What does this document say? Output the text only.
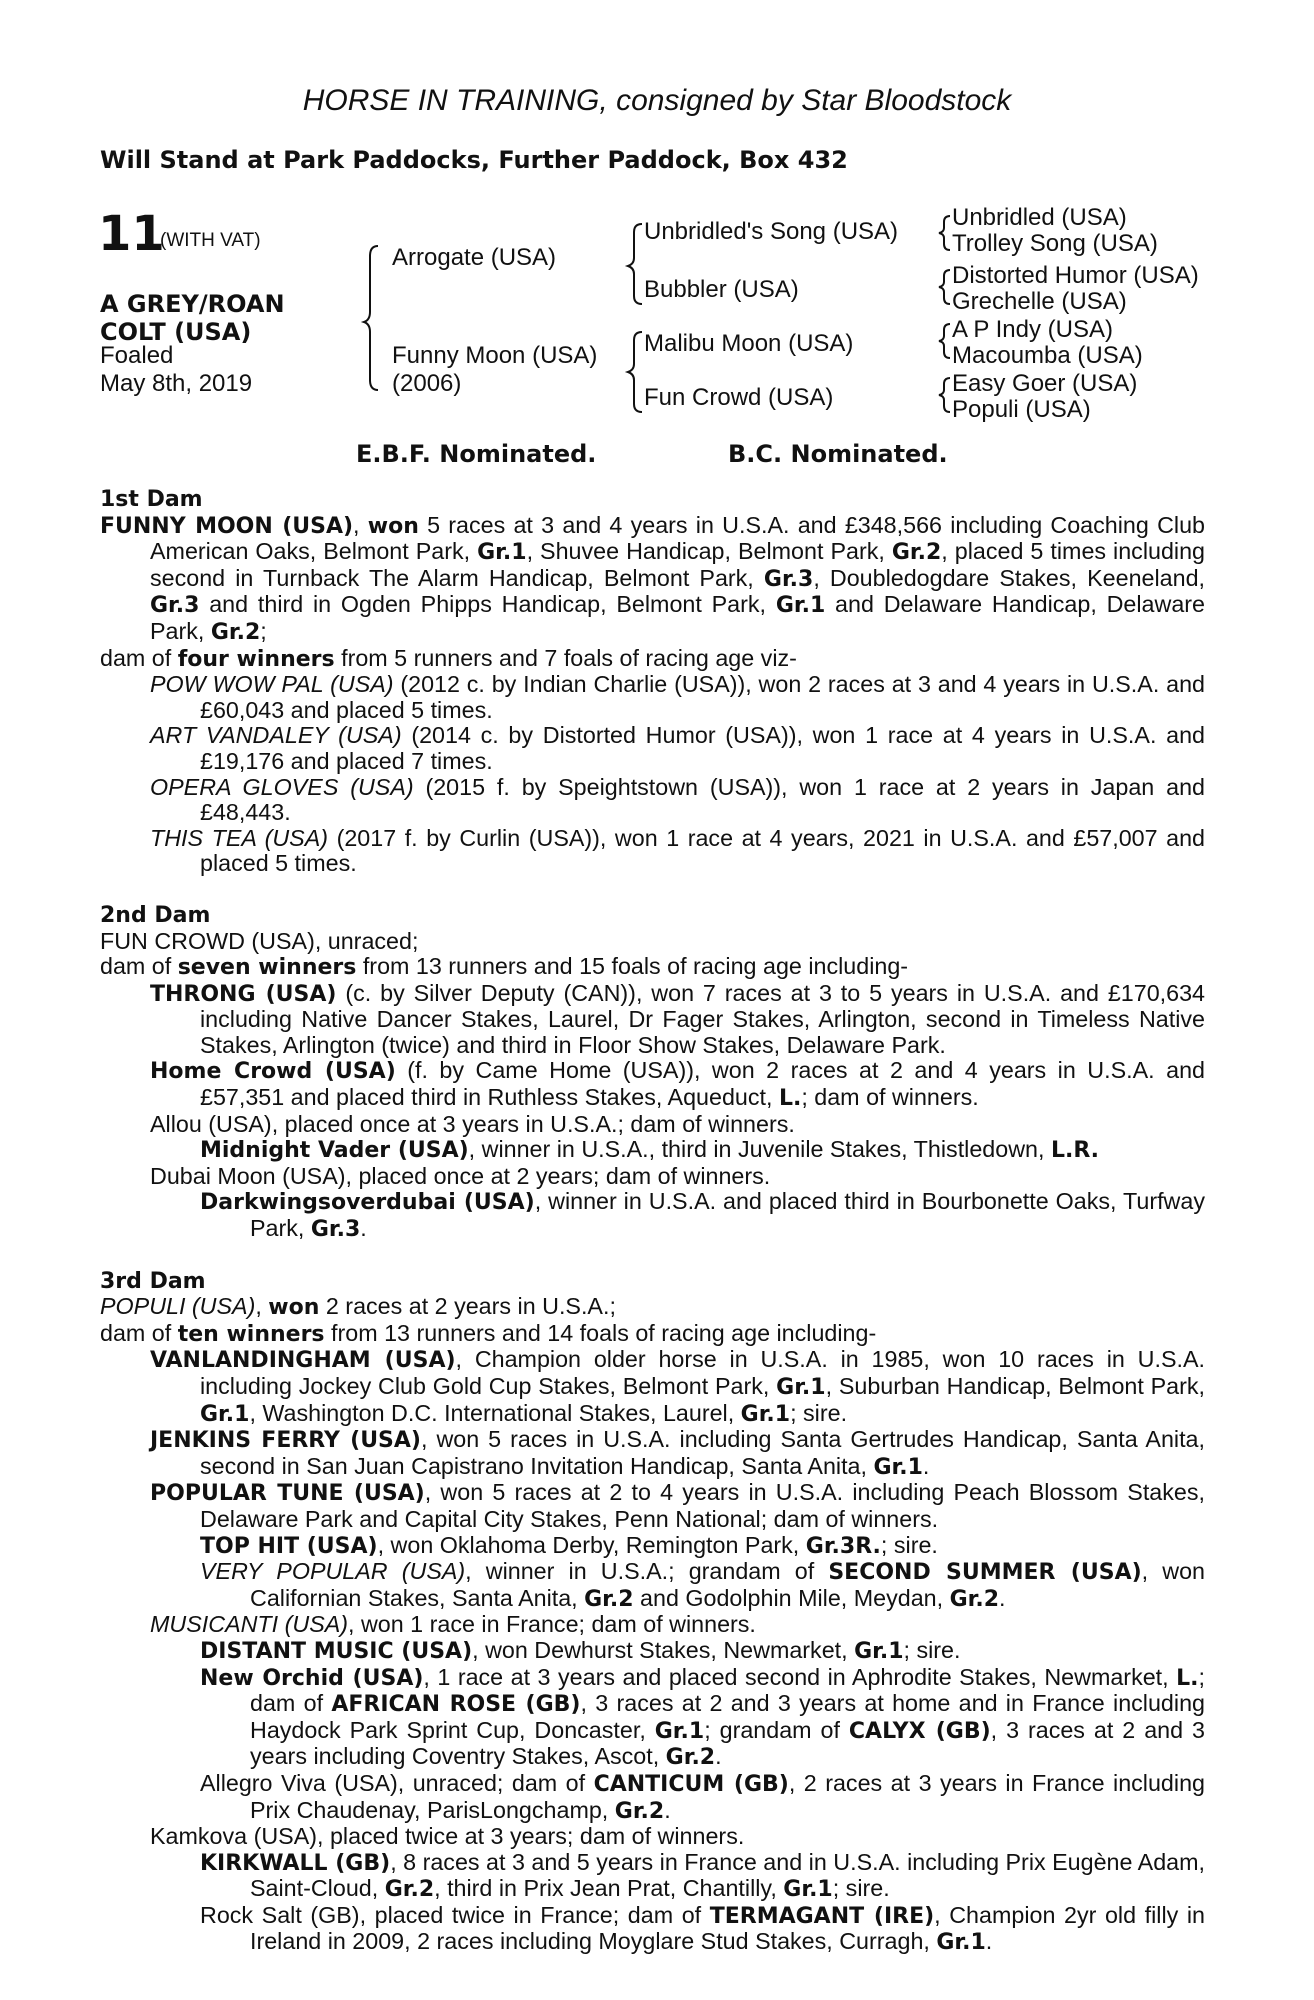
HORSE IN TRAINING, consigned by Star Bloodstock
Will Stand at Park Paddocks, Further Paddock, Box 432
11
(WITH VAT)
A GREY/ROAN
COLT (USA)
Foaled
May 8th, 2019
Arrogate (USA)
Funny Moon (USA)
(2006)
Unbridled's Song (USA)
Bubbler (USA)
Malibu Moon (USA)
Fun Crowd (USA)
Unbridled (USA)
Trolley Song (USA)
Distorted Humor (USA)
Grechelle (USA)
A P Indy (USA)
Macoumba (USA)
Easy Goer (USA)
Populi (USA)
E.B.F. Nominated.	B.C. Nominated.

1st Dam

FUNNY MOON (USA), won 5 races at 3 and 4 years in U.S.A. and £348,566 including Coaching Club American Oaks, Belmont Park, Gr.1, Shuvee Handicap, Belmont Park, Gr.2, placed 5 times including second in Turnback The Alarm Handicap, Belmont Park, Gr.3, Doubledogdare Stakes, Keeneland, Gr.3 and third in Ogden Phipps Handicap, Belmont Park, Gr.1 and Delaware Handicap, Delaware Park, Gr.2;

dam of four winners from 5 runners and 7 foals of racing age viz-

POW WOW PAL (USA) (2012 c. by Indian Charlie (USA)), won 2 races at 3 and 4 years in U.S.A. and £60,043 and placed 5 times.

ART VANDALEY (USA) (2014 c. by Distorted Humor (USA)), won 1 race at 4 years in U.S.A. and £19,176 and placed 7 times.

OPERA GLOVES (USA) (2015 f. by Speightstown (USA)), won 1 race at 2 years in Japan and £48,443.

THIS TEA (USA) (2017 f. by Curlin (USA)), won 1 race at 4 years, 2021 in U.S.A. and £57,007 and placed 5 times.

2nd Dam

FUN CROWD (USA), unraced;

dam of seven winners from 13 runners and 15 foals of racing age including-

THRONG (USA) (c. by Silver Deputy (CAN)), won 7 races at 3 to 5 years in U.S.A. and £170,634 including Native Dancer Stakes, Laurel, Dr Fager Stakes, Arlington, second in Timeless Native Stakes, Arlington (twice) and third in Floor Show Stakes, Delaware Park.

Home Crowd (USA) (f. by Came Home (USA)), won 2 races at 2 and 4 years in U.S.A. and £57,351 and placed third in Ruthless Stakes, Aqueduct, L.; dam of winners.

Allou (USA), placed once at 3 years in U.S.A.; dam of winners.

Midnight Vader (USA), winner in U.S.A., third in Juvenile Stakes, Thistledown, L.R.

Dubai Moon (USA), placed once at 2 years; dam of winners.

Darkwingsoverdubai (USA), winner in U.S.A. and placed third in Bourbonette Oaks, Turfway Park, Gr.3.

3rd Dam

POPULI (USA), won 2 races at 2 years in U.S.A.;

dam of ten winners from 13 runners and 14 foals of racing age including-

VANLANDINGHAM (USA), Champion older horse in U.S.A. in 1985, won 10 races in U.S.A. including Jockey Club Gold Cup Stakes, Belmont Park, Gr.1, Suburban Handicap, Belmont Park, Gr.1, Washington D.C. International Stakes, Laurel, Gr.1; sire.

JENKINS FERRY (USA), won 5 races in U.S.A. including Santa Gertrudes Handicap, Santa Anita, second in San Juan Capistrano Invitation Handicap, Santa Anita, Gr.1.

POPULAR TUNE (USA), won 5 races at 2 to 4 years in U.S.A. including Peach Blossom Stakes, Delaware Park and Capital City Stakes, Penn National; dam of winners.

TOP HIT (USA), won Oklahoma Derby, Remington Park, Gr.3R.; sire.

VERY POPULAR (USA), winner in U.S.A.; grandam of SECOND SUMMER (USA), won Californian Stakes, Santa Anita, Gr.2 and Godolphin Mile, Meydan, Gr.2.

MUSICANTI (USA), won 1 race in France; dam of winners.

DISTANT MUSIC (USA), won Dewhurst Stakes, Newmarket, Gr.1; sire.

New Orchid (USA), 1 race at 3 years and placed second in Aphrodite Stakes, Newmarket, L.; dam of AFRICAN ROSE (GB), 3 races at 2 and 3 years at home and in France including Haydock Park Sprint Cup, Doncaster, Gr.1; grandam of CALYX (GB), 3 races at 2 and 3 years including Coventry Stakes, Ascot, Gr.2.

Allegro Viva (USA), unraced; dam of CANTICUM (GB), 2 races at 3 years in France including Prix Chaudenay, ParisLongchamp, Gr.2.

Kamkova (USA), placed twice at 3 years; dam of winners.

KIRKWALL (GB), 8 races at 3 and 5 years in France and in U.S.A. including Prix Eugène Adam, Saint-Cloud, Gr.2, third in Prix Jean Prat, Chantilly, Gr.1; sire.

Rock Salt (GB), placed twice in France; dam of TERMAGANT (IRE), Champion 2yr old filly in Ireland in 2009, 2 races including Moyglare Stud Stakes, Curragh, Gr.1.
